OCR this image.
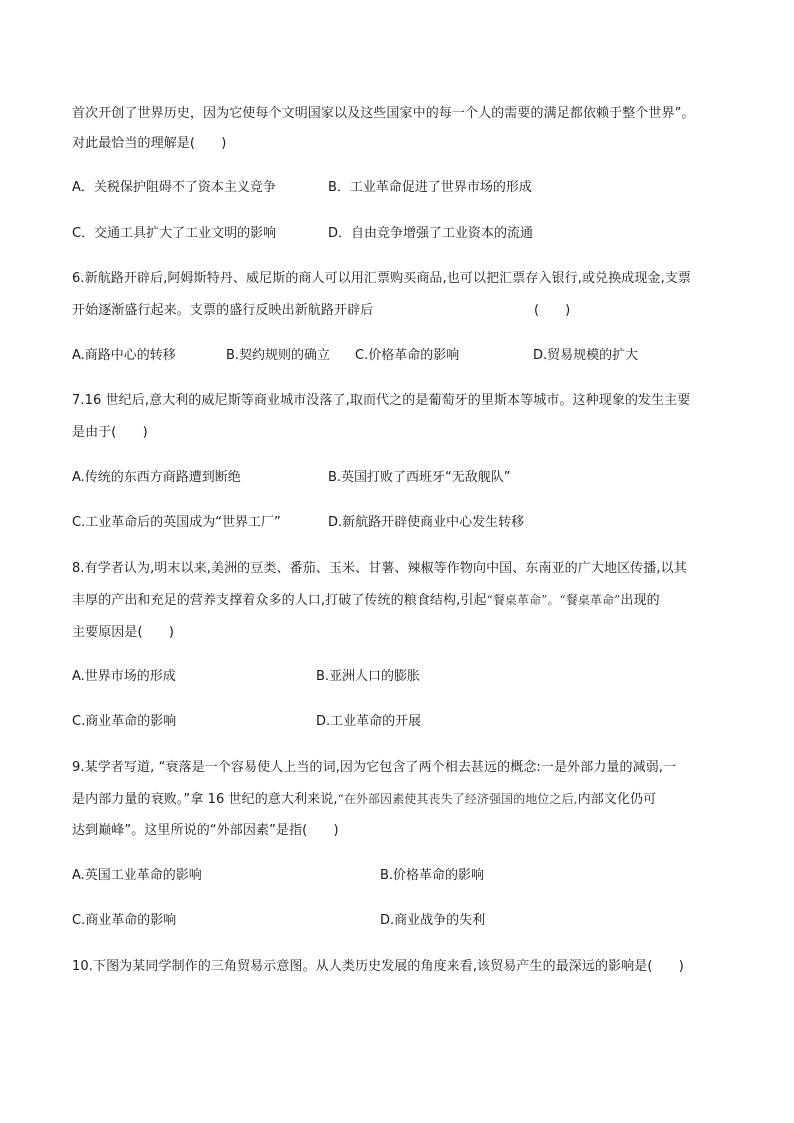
首次开创了世界历史，因为它使每个文明国家以及这些国家中的每一个人的需要的满足都依赖于整个世界”。
对此最恰当的理解是(　　)
A．关税保护阻碍不了资本主义竞争	B．工业革命促进了世界市场的形成
C．交通工具扩大了工业文明的影响	D．自由竞争增强了工业资本的流通
6.新航路开辟后,阿姆斯特丹、威尼斯的商人可以用汇票购买商品,也可以把汇票存入银行,或兑换成现金,支票
开始逐渐盛行起来。支票的盛行反映出新航路开辟后	(　　)
A.商路中心的转移	B.契约规则的确立 C.价格革命的影响	D.贸易规模的扩大
7.16 世纪后,意大利的威尼斯等商业城市没落了,取而代之的是葡萄牙的里斯本等城市。这种现象的发生主要
是由于(　　)
A.传统的东西方商路遭到断绝	B.英国打败了西班牙“无敌舰队”
C.工业革命后的英国成为“世界工厂”	D.新航路开辟使商业中心发生转移
8.有学者认为,明末以来,美洲的豆类、番茄、玉米、甘薯、辣椒等作物向中国、东南亚的广大地区传播,以其
丰厚的产出和充足的营养支撑着众多的人口,打破了传统的粮食结构,引起“餐桌革命”。“餐桌革命”出现的
主要原因是(　　)
A.世界市场的形成	B.亚洲人口的膨胀
C.商业革命的影响	D.工业革命的开展
9.某学者写道, “衰落是一个容易使人上当的词,因为它包含了两个相去甚远的概念:一是外部力量的减弱,一
是内部力量的衰败。”拿 16 世纪的意大利来说,“在外部因素使其丧失了经济强国的地位之后,内部文化仍可
达到巅峰”。这里所说的“外部因素”是指(　　)
A.英国工业革命的影响	B.价格革命的影响
C.商业革命的影响	D.商业战争的失利
10.下图为某同学制作的三角贸易示意图。从人类历史发展的角度来看,该贸易产生的最深远的影响是(　　)
